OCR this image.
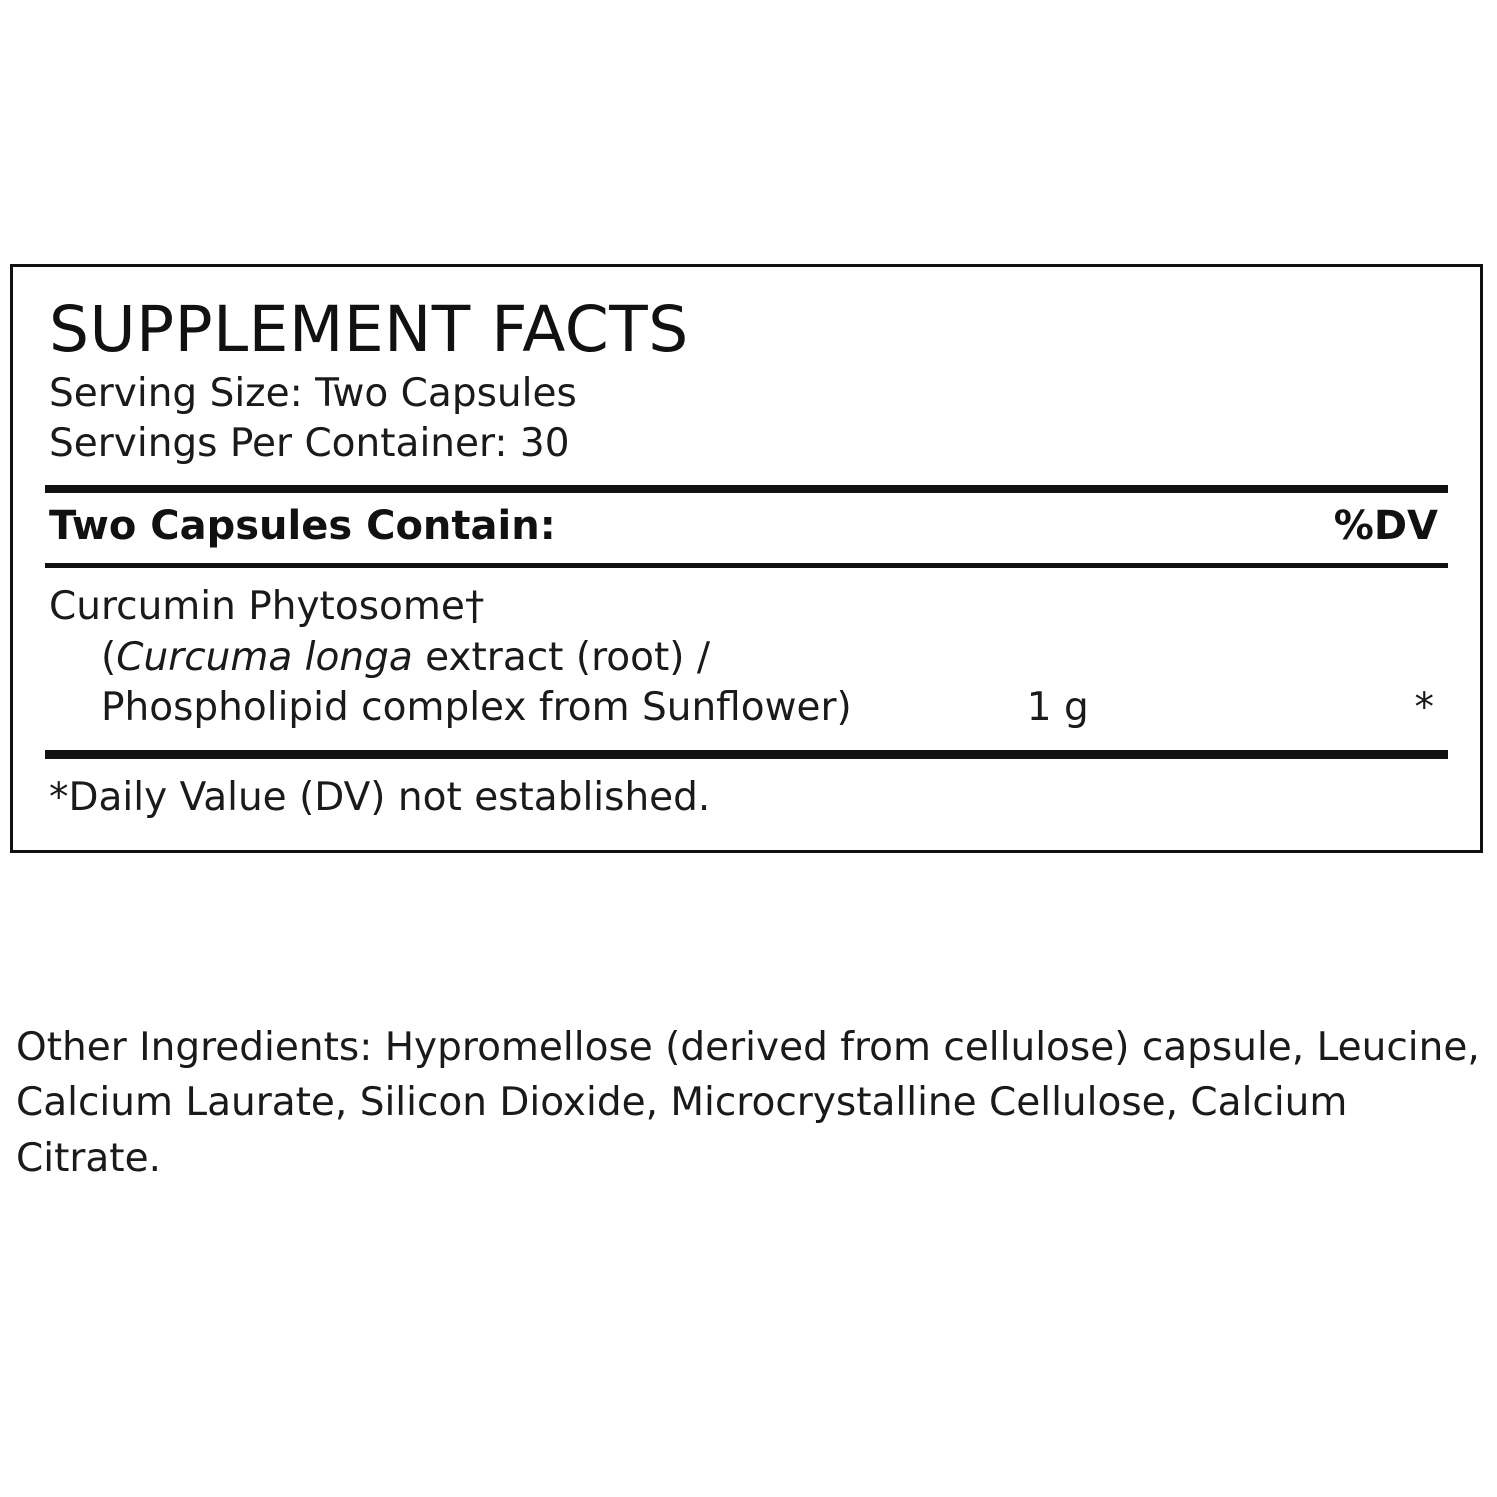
SUPPLEMENT FACTS
Serving Size: Two Capsules
Servings Per Container: 30
Two Capsules Contain:	%DV
Curcumin Phytosome†
(Curcuma longa extract (root) /
Phospholipid complex from Sunflower)	1 g	*
*Daily Value (DV) not established.
Other Ingredients: Hypromellose (derived from cellulose) capsule, Leucine, Calcium Laurate, Silicon Dioxide, Microcrystalline Cellulose, Calcium Citrate.
